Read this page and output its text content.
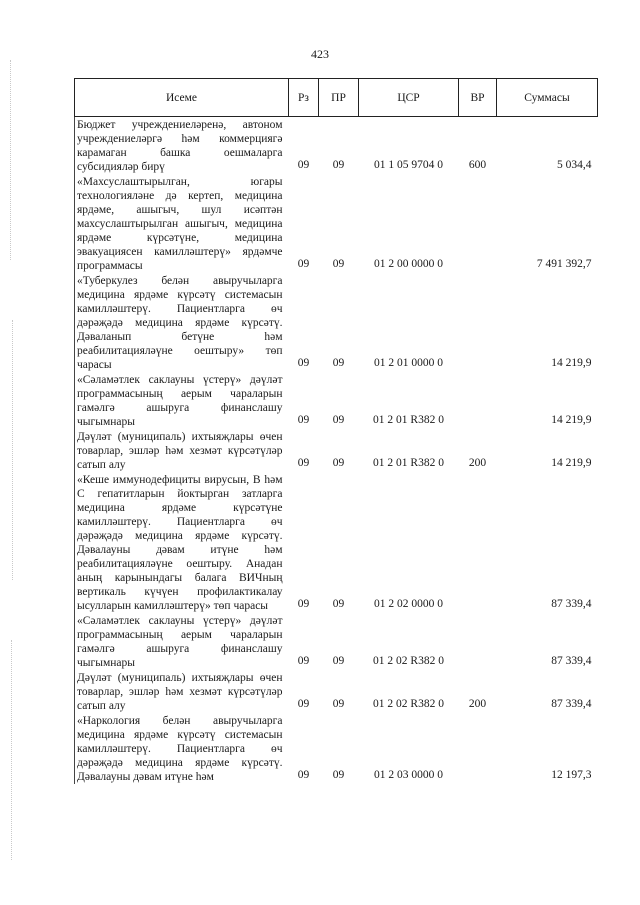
423
Исеме	Рз	ПР	ЦСР	ВР	Суммасы
Бюджет учреждениеләренә, автоном учреждениеләргә һәм коммерциягә карамаган башка оешмаларга субсидияләр бирү	09	09	01 1 05 9704 0	600	5 034,4
«Махсуслаштырылган, югары технологияләне дә кертеп, медицина ярдәме, ашыгыч, шул исәптән махсуслаштырылган ашыгыч, медицина ярдәме күрсәтүне, медицина эвакуациясен камилләштерү» ярдәмче программасы	09	09	01 2 00 0000 0		7 491 392,7
«Туберкулез белән авыручыларга медицина ярдәме күрсәтү системасын камилләштерү. Пациентларга өч дәрәҗәдә медицина ярдәме күрсәтү. Дәваланып бетүне һәм реабилитацияләүне оештыру» төп чарасы	09	09	01 2 01 0000 0		14 219,9
«Сәламәтлек саклауны үстерү» дәүләт программасының аерым чараларын гамәлгә ашыруга финанслашу чыгымнары	09	09	01 2 01 R382 0		14 219,9
Дәүләт (муниципаль) ихтыяҗлары өчен товарлар, эшләр һәм хезмәт күрсәтүләр сатып алу	09	09	01 2 01 R382 0	200	14 219,9
«Кеше иммунодефициты вирусын, В һәм С гепатитларын йоктырган затларга медицина ярдәме күрсәтүне камилләштерү. Пациентларга өч дәрәҗәдә медицина ярдәме күрсәтү. Дәвалауны дәвам итүне һәм реабилитацияләүне оештыру. Анадан аның карынындагы балага ВИЧның вертикаль күчүен профилактикалау ысулларын камилләштерү» төп чарасы	09	09	01 2 02 0000 0		87 339,4
«Сәламәтлек саклауны үстерү» дәүләт программасының аерым чараларын гамәлгә ашыруга финанслашу чыгымнары	09	09	01 2 02 R382 0		87 339,4
Дәүләт (муниципаль) ихтыяҗлары өчен товарлар, эшләр һәм хезмәт күрсәтүләр сатып алу	09	09	01 2 02 R382 0	200	87 339,4
«Наркология белән авыручыларга медицина ярдәме күрсәтү системасын камилләштерү. Пациентларга өч дәрәҗәдә медицина ярдәме күрсәтү. Дәвалауны дәвам итүне һәм	09	09	01 2 03 0000 0		12 197,3
